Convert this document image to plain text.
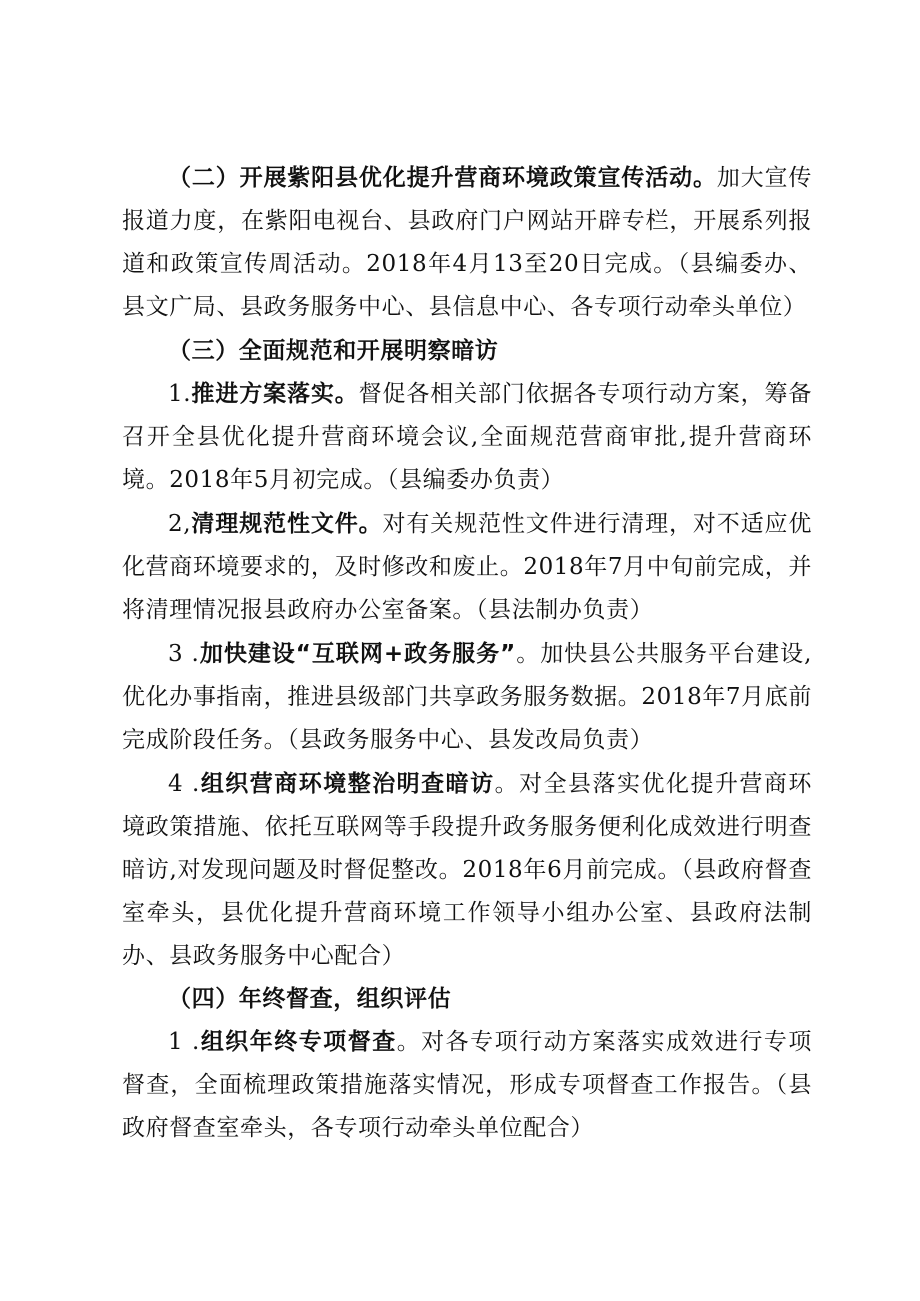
（二）开展紫阳县优化提升营商环境政策宣传活动。加大宣传报道力度，在紫阳电视台、县政府门户网站开辟专栏，开展系列报道和政策宣传周活动。2018年4月13至20日完成。（县编委办、县文广局、县政务服务中心、县信息中心、各专项行动牵头单位）

（三）全面规范和开展明察暗访

1.推进方案落实。督促各相关部门依据各专项行动方案，筹备召开全县优化提升营商环境会议,全面规范营商审批,提升营商环境。2018年5月初完成。（县编委办负责）

2,清理规范性文件。对有关规范性文件进行清理，对不适应优化营商环境要求的，及时修改和废止。2018年7月中旬前完成，并将清理情况报县政府办公室备案。（县法制办负责）

3 .加快建设“互联网+政务服务”。加快县公共服务平台建设,优化办事指南，推进县级部门共享政务服务数据。2018年7月底前完成阶段任务。（县政务服务中心、县发改局负责）

4 .组织营商环境整治明查暗访。对全县落实优化提升营商环境政策措施、依托互联网等手段提升政务服务便利化成效进行明查暗访,对发现问题及时督促整改。2018年6月前完成。（县政府督查室牵头，县优化提升营商环境工作领导小组办公室、县政府法制办、县政务服务中心配合）

（四）年终督查，组织评估

1 .组织年终专项督查。对各专项行动方案落实成效进行专项督查，全面梳理政策措施落实情况，形成专项督查工作报告。（县政府督查室牵头，各专项行动牵头单位配合）
